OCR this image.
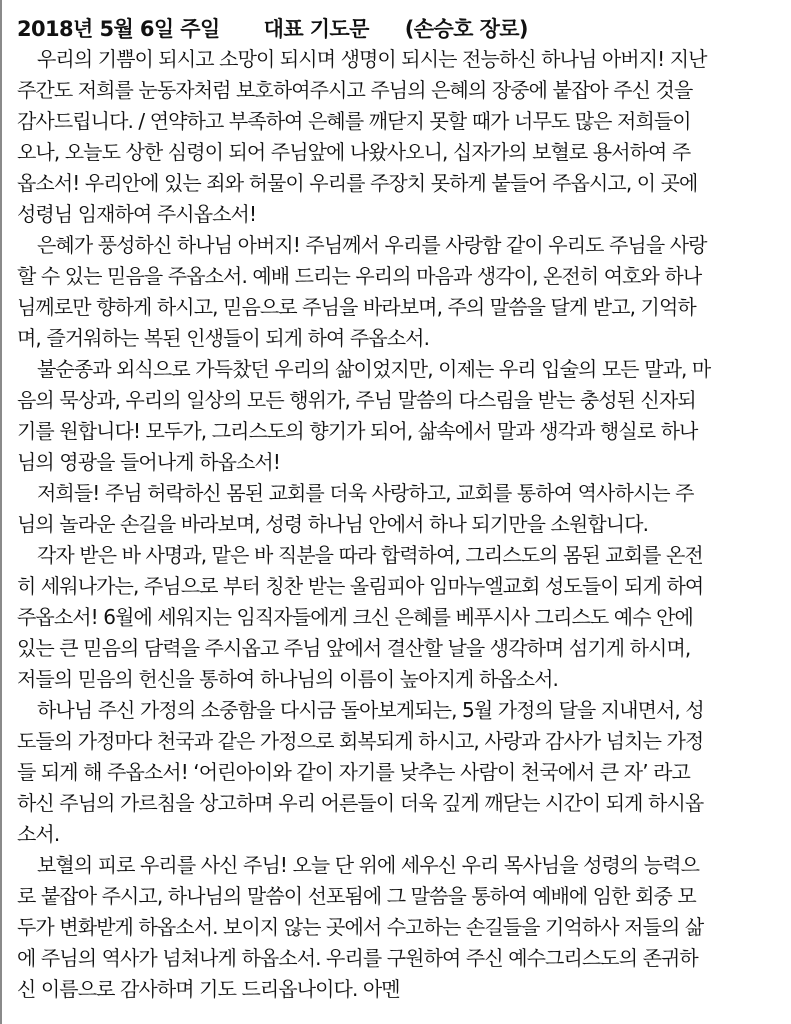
2018년 5월 6일 주일 대표 기도문 (손승호 장로)
우리의 기쁨이 되시고 소망이 되시며 생명이 되시는 전능하신 하나님 아버지! 지난
주간도 저희를 눈동자처럼 보호하여주시고 주님의 은혜의 장중에 붙잡아 주신 것을
감사드립니다. / 연약하고 부족하여 은혜를 깨닫지 못할 때가 너무도 많은 저희들이
오나, 오늘도 상한 심령이 되어 주님앞에 나왔사오니, 십자가의 보혈로 용서하여 주
옵소서! 우리안에 있는 죄와 허물이 우리를 주장치 못하게 붙들어 주옵시고, 이 곳에
성령님 임재하여 주시옵소서!
은혜가 풍성하신 하나님 아버지! 주님께서 우리를 사랑함 같이 우리도 주님을 사랑
할 수 있는 믿음을 주옵소서. 예배 드리는 우리의 마음과 생각이, 온전히 여호와 하나
님께로만 향하게 하시고, 믿음으로 주님을 바라보며, 주의 말씀을 달게 받고, 기억하
며, 즐거워하는 복된 인생들이 되게 하여 주옵소서.
불순종과 외식으로 가득찼던 우리의 삶이었지만, 이제는 우리 입술의 모든 말과, 마
음의 묵상과, 우리의 일상의 모든 행위가, 주님 말씀의 다스림을 받는 충성된 신자되
기를 원합니다! 모두가, 그리스도의 향기가 되어, 삶속에서 말과 생각과 행실로 하나
님의 영광을 들어나게 하옵소서!
저희들! 주님 허락하신 몸된 교회를 더욱 사랑하고, 교회를 통하여 역사하시는 주
님의 놀라운 손길을 바라보며, 성령 하나님 안에서 하나 되기만을 소원합니다.
각자 받은 바 사명과, 맡은 바 직분을 따라 합력하여, 그리스도의 몸된 교회를 온전
히 세워나가는, 주님으로 부터 칭찬 받는 올림피아 임마누엘교회 성도들이 되게 하여
주옵소서! 6월에 세워지는 임직자들에게 크신 은혜를 베푸시사 그리스도 예수 안에
있는 큰 믿음의 담력을 주시옵고 주님 앞에서 결산할 날을 생각하며 섬기게 하시며,
저들의 믿음의 헌신을 통하여 하나님의 이름이 높아지게 하옵소서.
하나님 주신 가정의 소중함을 다시금 돌아보게되는, 5월 가정의 달을 지내면서, 성
도들의 가정마다 천국과 같은 가정으로 회복되게 하시고, 사랑과 감사가 넘치는 가정
들 되게 해 주옵소서! ‘어린아이와 같이 자기를 낮추는 사람이 천국에서 큰 자’ 라고
하신 주님의 가르침을 상고하며 우리 어른들이 더욱 깊게 깨닫는 시간이 되게 하시옵
소서.
보혈의 피로 우리를 사신 주님! 오늘 단 위에 세우신 우리 목사님을 성령의 능력으
로 붙잡아 주시고, 하나님의 말씀이 선포됨에 그 말씀을 통하여 예배에 임한 회중 모
두가 변화받게 하옵소서. 보이지 않는 곳에서 수고하는 손길들을 기억하사 저들의 삶
에 주님의 역사가 넘쳐나게 하옵소서. 우리를 구원하여 주신 예수그리스도의 존귀하
신 이름으로 감사하며 기도 드리옵나이다. 아멘
